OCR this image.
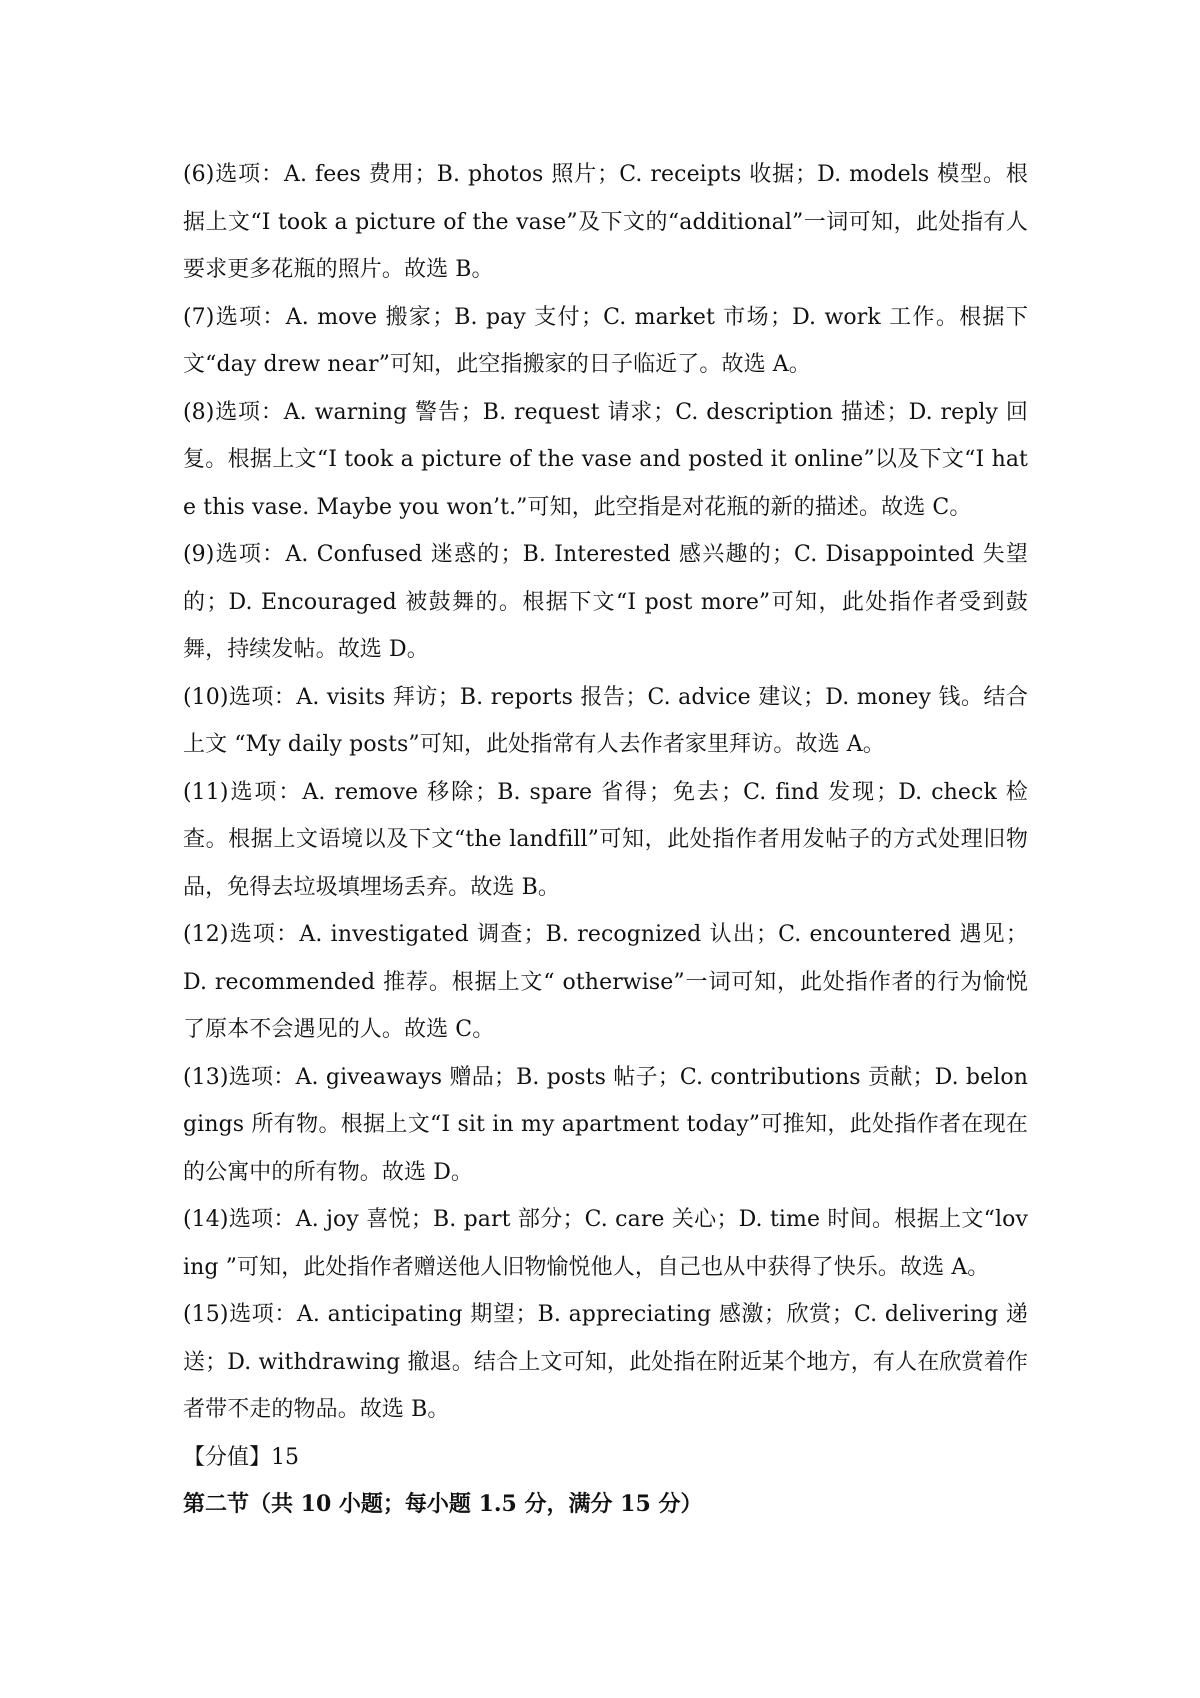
(6)选项：A. fees 费用；B. photos 照片；C. receipts 收据；D. models 模型。根据上文“I took a picture of the vase”及下文的“additional”一词可知，此处指有人要求更多花瓶的照片。故选 B。

(7)选项：A. move 搬家；B. pay 支付；C. market 市场；D. work 工作。根据下文“day drew near”可知，此空指搬家的日子临近了。故选 A。

(8)选项：A. warning 警告；B. request 请求；C. description 描述；D. reply 回复。根据上文“I took a picture of the vase and posted it online”以及下文“I hate this vase. Maybe you won’t.”可知，此空指是对花瓶的新的描述。故选 C。

(9)选项：A. Confused 迷惑的；B. Interested 感兴趣的；C. Disappointed 失望的；D. Encouraged 被鼓舞的。根据下文“I post more”可知，此处指作者受到鼓舞，持续发帖。故选 D。

(10)选项：A. visits 拜访；B. reports 报告；C. advice 建议；D. money 钱。结合上文 “My daily posts”可知，此处指常有人去作者家里拜访。故选 A。

(11)选项：A. remove 移除；B. spare 省得；免去；C. find 发现；D. check 检查。根据上文语境以及下文“the landfill”可知，此处指作者用发帖子的方式处理旧物品，免得去垃圾填埋场丢弃。故选 B。

(12)选项：A. investigated 调查；B. recognized 认出；C. encountered 遇见；D. recommended 推荐。根据上文“ otherwise”一词可知，此处指作者的行为愉悦了原本不会遇见的人。故选 C。

(13)选项：A. giveaways 赠品；B. posts 帖子；C. contributions 贡献；D. belongings 所有物。根据上文“I sit in my apartment today”可推知，此处指作者在现在的公寓中的所有物。故选 D。

(14)选项：A. joy 喜悦；B. part 部分；C. care 关心；D. time 时间。根据上文“loving ”可知，此处指作者赠送他人旧物愉悦他人，自己也从中获得了快乐。故选 A。

(15)选项：A. anticipating 期望；B. appreciating 感激；欣赏；C. delivering 递送；D. withdrawing 撤退。结合上文可知，此处指在附近某个地方，有人在欣赏着作者带不走的物品。故选 B。

【分值】15

第二节（共 10 小题；每小题 1.5 分，满分 15 分）
